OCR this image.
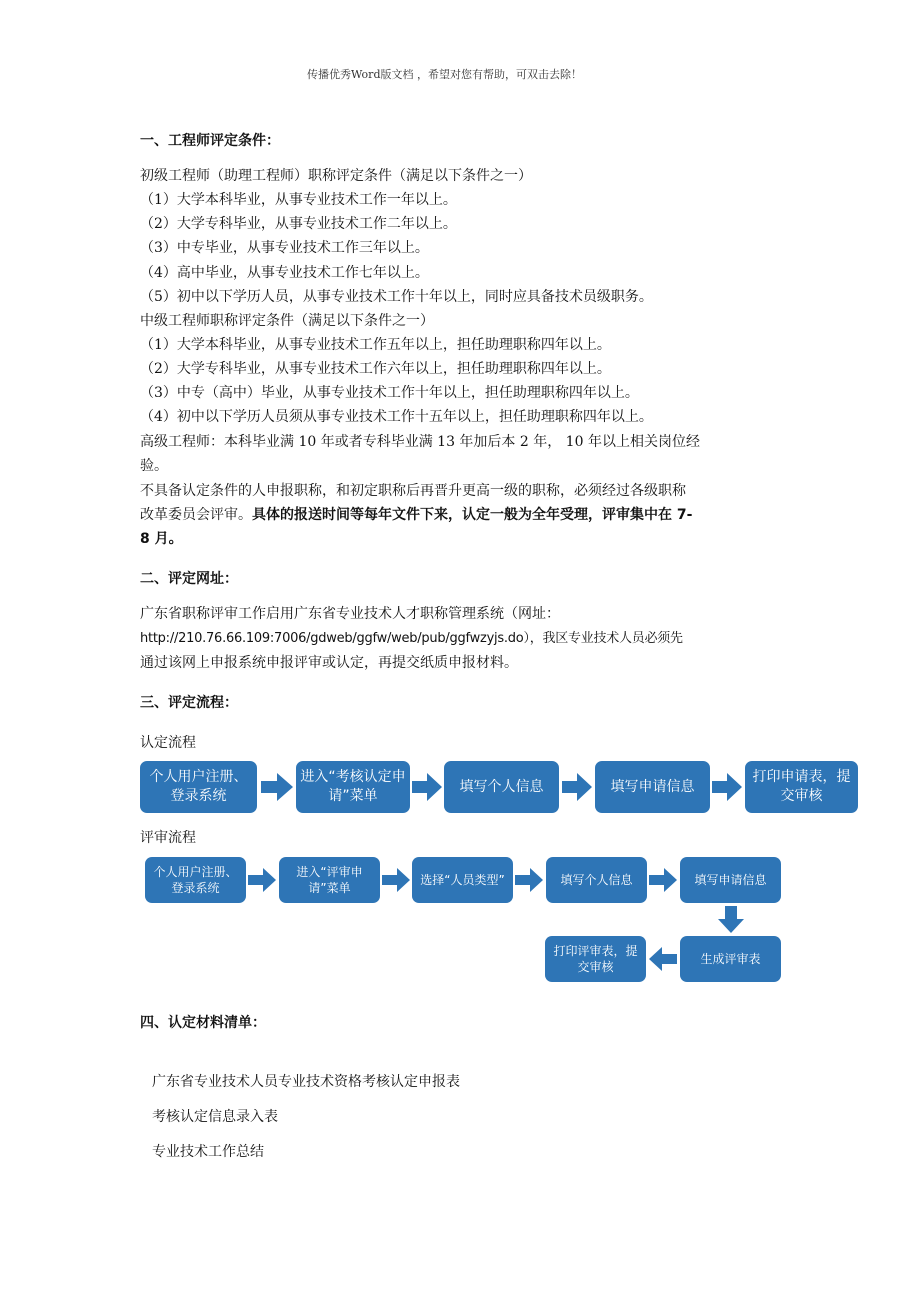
传播优秀Word版文档 ，希望对您有帮助，可双击去除！
一、工程师评定条件：
初级工程师（助理工程师）职称评定条件（满足以下条件之一）
（1）大学本科毕业，从事专业技术工作一年以上。
（2）大学专科毕业，从事专业技术工作二年以上。
（3）中专毕业，从事专业技术工作三年以上。
（4）高中毕业，从事专业技术工作七年以上。
（5）初中以下学历人员，从事专业技术工作十年以上，同时应具备技术员级职务。
中级工程师职称评定条件（满足以下条件之一）
（1）大学本科毕业，从事专业技术工作五年以上，担任助理职称四年以上。
（2）大学专科毕业，从事专业技术工作六年以上，担任助理职称四年以上。
（3）中专（高中）毕业，从事专业技术工作十年以上，担任助理职称四年以上。
（4）初中以下学历人员须从事专业技术工作十五年以上，担任助理职称四年以上。
高级工程师：本科毕业满 10 年或者专科毕业满 13 年加后本 2 年， 10 年以上相关岗位经
验。
不具备认定条件的人申报职称，和初定职称后再晋升更高一级的职称，必须经过各级职称
改革委员会评审。具体的报送时间等每年文件下来，认定一般为全年受理，评审集中在 7-
8 月。
二、评定网址：
广东省职称评审工作启用广东省专业技术人才职称管理系统（网址：
http://210.76.66.109:7006/gdweb/ggfw/web/pub/ggfwzyjs.do），我区专业技术人员必须先
通过该网上申报系统申报评审或认定，再提交纸质申报材料。
三、评定流程：
认定流程
个人用户注册、登录系统
进入“考核认定申请”菜单
填写个人信息	填写申请信息
打印申请表，提交审核
评审流程
个人用户注册、登录系统
进入“评审申请”菜单
选择“人员类型”	填写个人信息	填写申请信息
打印评审表，提交审核
生成评审表
四、认定材料清单：
广东省专业技术人员专业技术资格考核认定申报表
考核认定信息录入表
专业技术工作总结
